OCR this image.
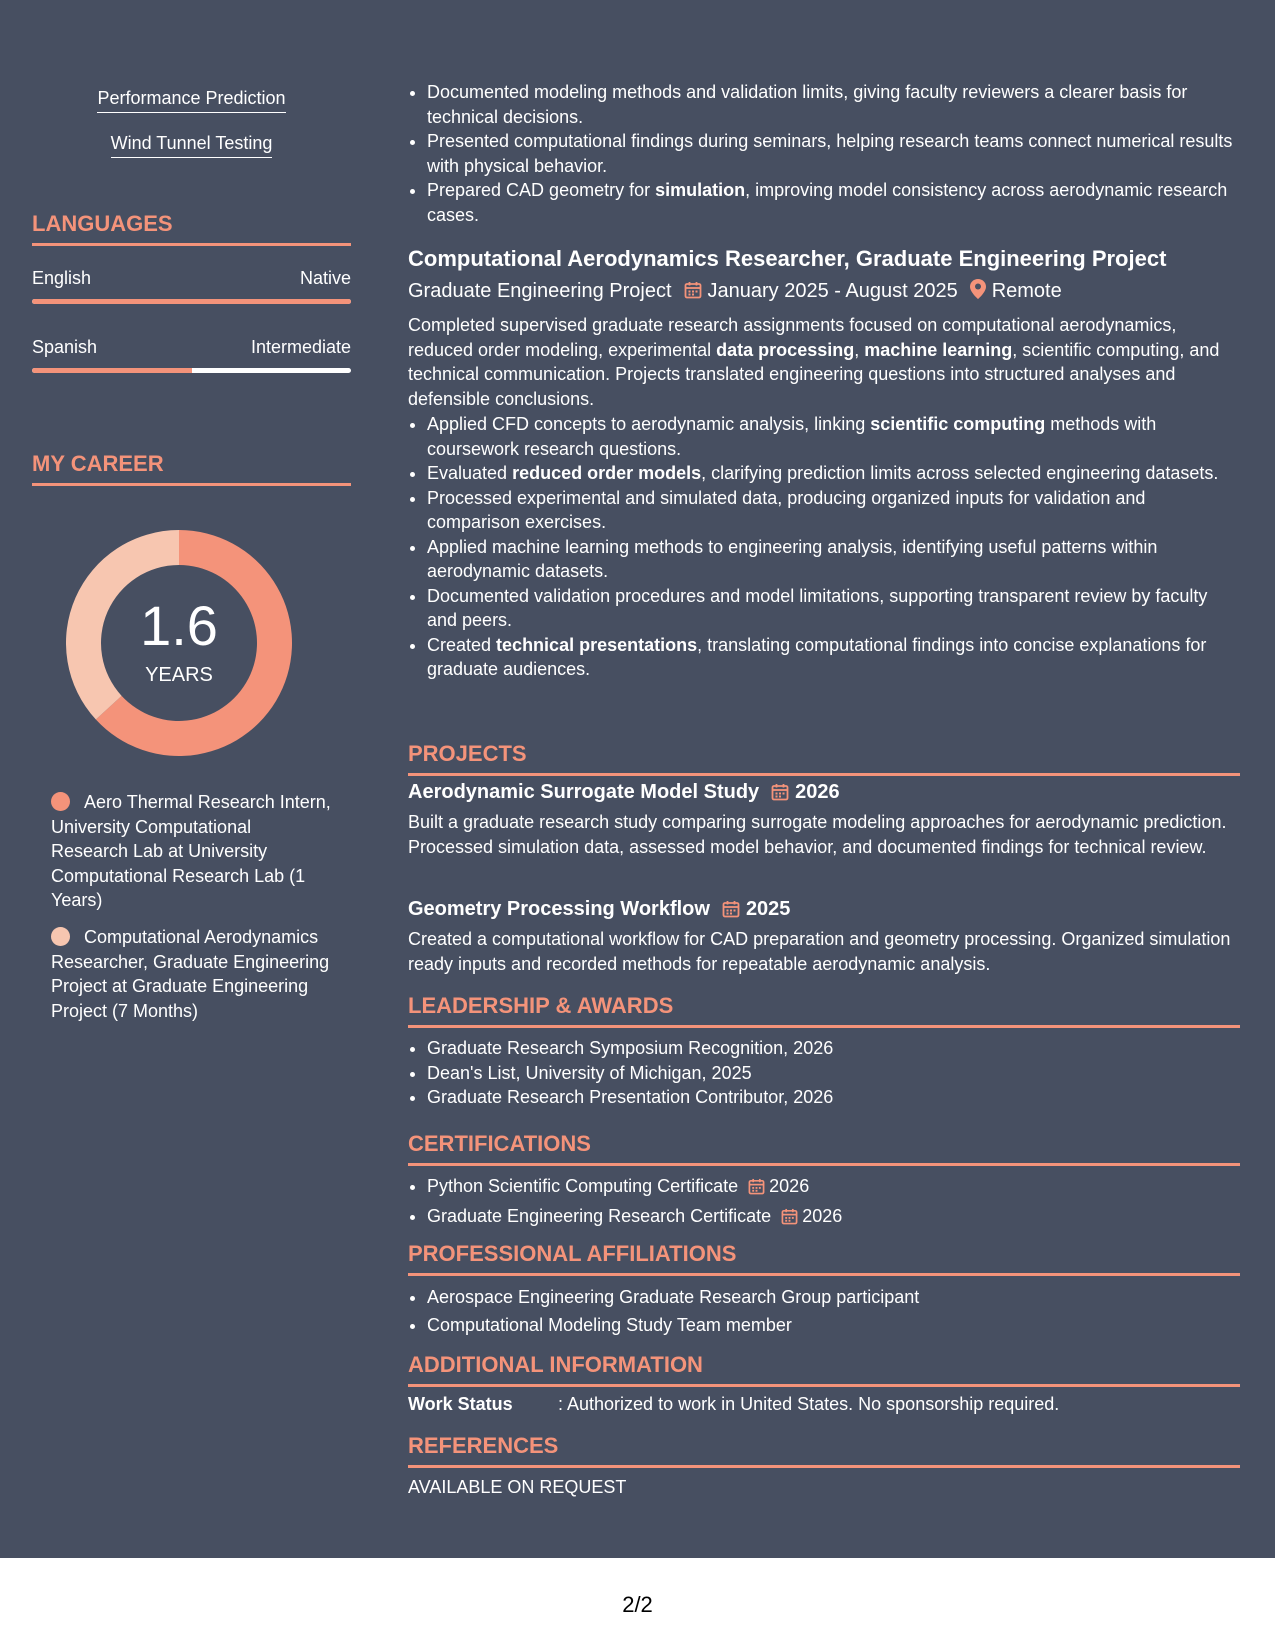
Performance Prediction
Wind Tunnel Testing
LANGUAGES
English	Native
Spanish	Intermediate
MY CAREER
1.6
YEARS
Aero Thermal Research Intern, University Computational Research Lab at University Computational Research Lab (1 Years)
Computational Aerodynamics Researcher, Graduate Engineering Project at Graduate Engineering Project (7 Months)
• Documented modeling methods and validation limits, giving faculty reviewers a clearer basis for technical decisions.
• Presented computational findings during seminars, helping research teams connect numerical results with physical behavior.
• Prepared CAD geometry for simulation, improving model consistency across aerodynamic research cases.
Computational Aerodynamics Researcher, Graduate Engineering Project
Graduate Engineering Project January 2025 - August 2025 Remote
Completed supervised graduate research assignments focused on computational aerodynamics, reduced order modeling, experimental data processing, machine learning, scientific computing, and technical communication. Projects translated engineering questions into structured analyses and defensible conclusions.
• Applied CFD concepts to aerodynamic analysis, linking scientific computing methods with coursework research questions.
• Evaluated reduced order models, clarifying prediction limits across selected engineering datasets.
• Processed experimental and simulated data, producing organized inputs for validation and comparison exercises.
• Applied machine learning methods to engineering analysis, identifying useful patterns within aerodynamic datasets.
• Documented validation procedures and model limitations, supporting transparent review by faculty and peers.
• Created technical presentations, translating computational findings into concise explanations for graduate audiences.
PROJECTS
Aerodynamic Surrogate Model Study 2026
Built a graduate research study comparing surrogate modeling approaches for aerodynamic prediction. Processed simulation data, assessed model behavior, and documented findings for technical review.
Geometry Processing Workflow 2025
Created a computational workflow for CAD preparation and geometry processing. Organized simulation ready inputs and recorded methods for repeatable aerodynamic analysis.
LEADERSHIP & AWARDS
• Graduate Research Symposium Recognition, 2026
• Dean's List, University of Michigan, 2025
• Graduate Research Presentation Contributor, 2026
CERTIFICATIONS
• Python Scientific Computing Certificate 2026
• Graduate Engineering Research Certificate 2026
PROFESSIONAL AFFILIATIONS
• Aerospace Engineering Graduate Research Group participant
• Computational Modeling Study Team member
ADDITIONAL INFORMATION
Work Status	: Authorized to work in United States. No sponsorship required.
REFERENCES
AVAILABLE ON REQUEST
2/2
